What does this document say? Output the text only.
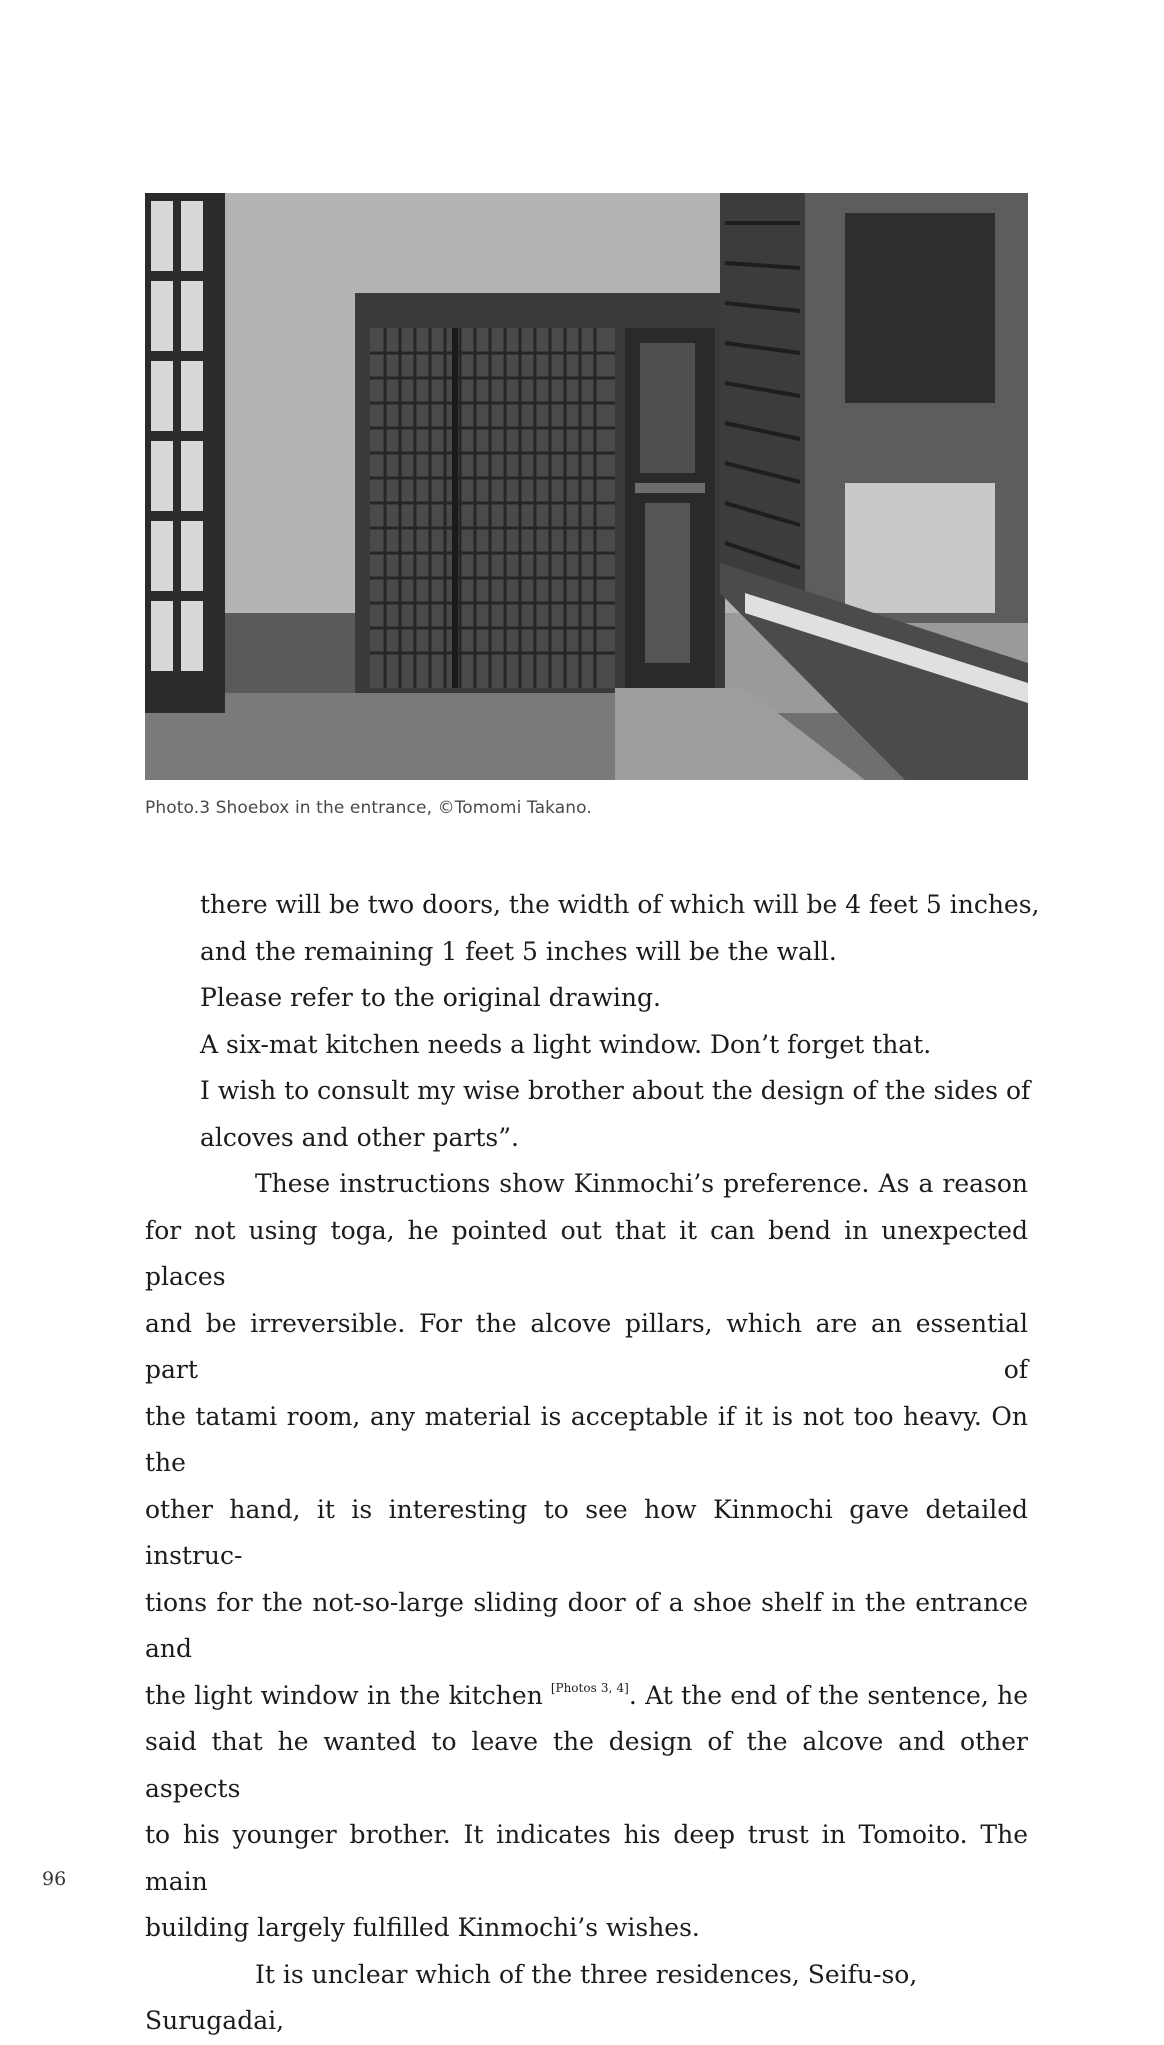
Photo.3 Shoebox in the entrance, ©Tomomi Takano.
there will be two doors, the width of which will be 4 feet 5 inches,
and the remaining 1 feet 5 inches will be the wall.
Please refer to the original drawing.
A six-mat kitchen needs a light window. Don’t forget that.
I wish to consult my wise brother about the design of the sides of
alcoves and other parts”.
These instructions show Kinmochi’s preference. As a reason
for not using toga, he pointed out that it can bend in unexpected places
and be irreversible. For the alcove pillars, which are an essential part of
the tatami room, any material is acceptable if it is not too heavy. On the
other hand, it is interesting to see how Kinmochi gave detailed instruc-
tions for the not-so-large sliding door of a shoe shelf in the entrance and
the light window in the kitchen [Photos 3, 4]. At the end of the sentence, he
said that he wanted to leave the design of the alcove and other aspects
to his younger brother. It indicates his deep trust in Tomoito. The main
building largely fulfilled Kinmochi’s wishes.
It is unclear which of the three residences, Seifu-so, Surugadai,
96
